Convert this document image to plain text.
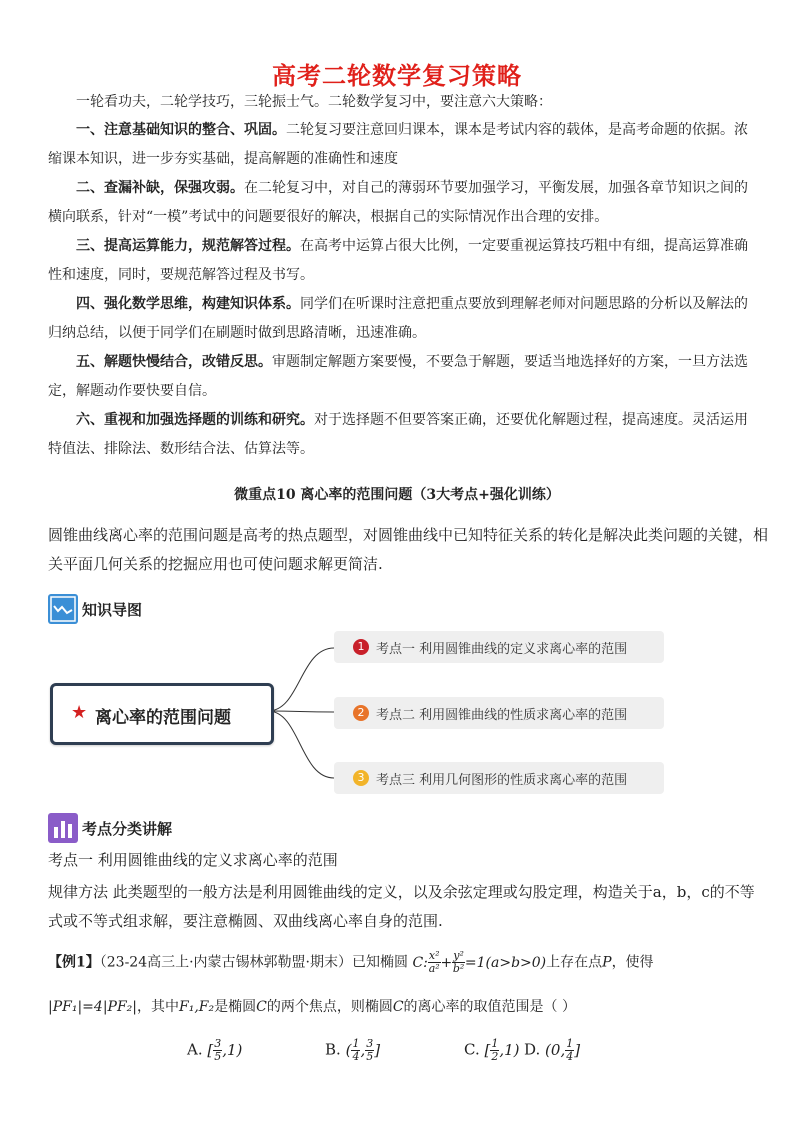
高考二轮数学复习策略
一轮看功夫，二轮学技巧，三轮振士气。二轮数学复习中，要注意六大策略：
一、注意基础知识的整合、巩固。二轮复习要注意回归课本，课本是考试内容的载体，是高考命题的依据。浓缩课本知识，进一步夯实基础，提高解题的准确性和速度
二、查漏补缺，保强攻弱。在二轮复习中，对自己的薄弱环节要加强学习，平衡发展，加强各章节知识之间的横向联系，针对“一模”考试中的问题要很好的解决，根据自己的实际情况作出合理的安排。
三、提高运算能力，规范解答过程。在高考中运算占很大比例，一定要重视运算技巧粗中有细，提高运算准确性和速度，同时，要规范解答过程及书写。
四、强化数学思维，构建知识体系。同学们在听课时注意把重点要放到理解老师对问题思路的分析以及解法的归纳总结，以便于同学们在刷题时做到思路清晰，迅速准确。
五、解题快慢结合，改错反思。审题制定解题方案要慢，不要急于解题，要适当地选择好的方案，一旦方法选定，解题动作要快要自信。
六、重视和加强选择题的训练和研究。对于选择题不但要答案正确，还要优化解题过程，提高速度。灵活运用特值法、排除法、数形结合法、估算法等。
微重点10 离心率的范围问题（3大考点+强化训练）
圆锥曲线离心率的范围问题是高考的热点题型，对圆锥曲线中已知特征关系的转化是解决此类问题的关键，相关平面几何关系的挖掘应用也可使问题求解更简洁.
知识导图
★ 离心率的范围问题
1 考点一 利用圆锥曲线的定义求离心率的范围
2 考点二 利用圆锥曲线的性质求离心率的范围
3 考点三 利用几何图形的性质求离心率的范围
考点分类讲解
考点一 利用圆锥曲线的定义求离心率的范围
规律方法 此类题型的一般方法是利用圆锥曲线的定义，以及余弦定理或勾股定理，构造关于a，b，c的不等式或不等式组求解，要注意椭圆、双曲线离心率自身的范围.
【例1】（23-24高三上·内蒙古锡林郭勒盟·期末）已知椭圆 C: $\frac{\text{x²}}{\text{a²}} + \frac{\text{y²}}{\text{b²}} =1(a>b>0)$上存在点P，使得
|PF₁|=4|PF₂|，其中F₁,F₂是椭圆C的两个焦点，则椭圆C的离心率的取值范围是（ ）
A. [ $\frac{3}{5} ,1$)	B. ( $\frac{1}{4}$ , $\frac{3}{5}$ ]	C. [ $\frac{1}{2} ,1$) D. (0, $\frac{1}{4}$ ]
